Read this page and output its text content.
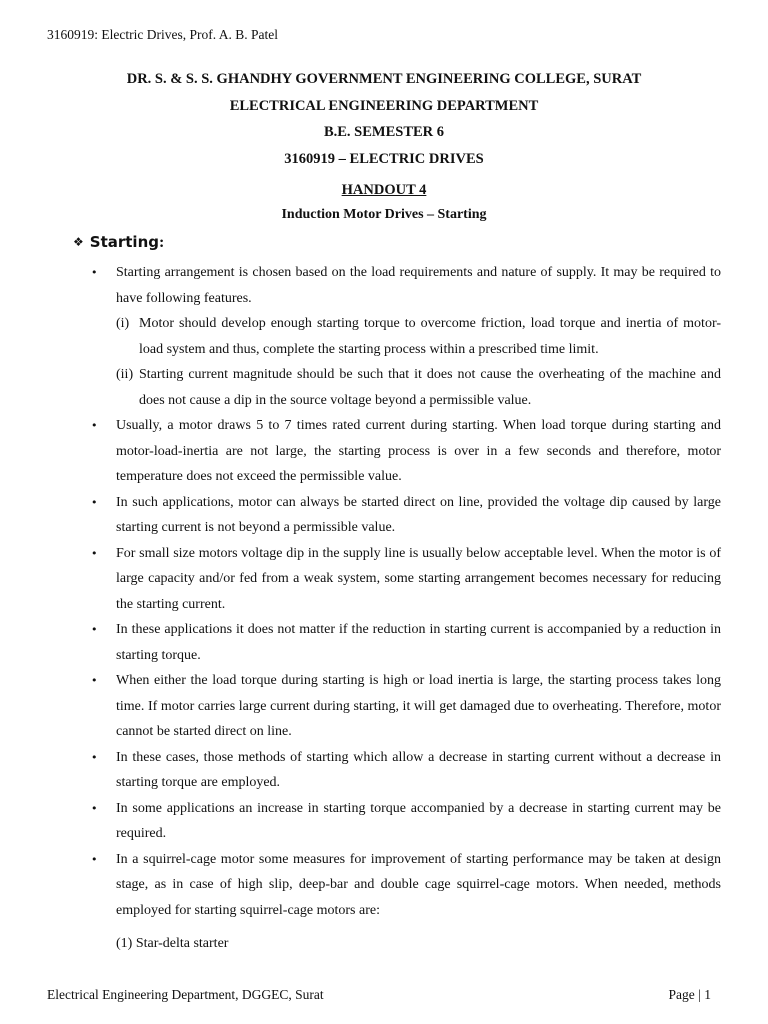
3160919: Electric Drives, Prof. A. B. Patel
DR. S. & S. S. GHANDHY GOVERNMENT ENGINEERING COLLEGE, SURAT
ELECTRICAL ENGINEERING DEPARTMENT
B.E. SEMESTER 6
3160919 – ELECTRIC DRIVES
HANDOUT 4
Induction Motor Drives – Starting
❖ Starting:
• Starting arrangement is chosen based on the load requirements and nature of supply. It may be required to have following features.
(i) Motor should develop enough starting torque to overcome friction, load torque and inertia of motor-load system and thus, complete the starting process within a prescribed time limit.
(ii) Starting current magnitude should be such that it does not cause the overheating of the machine and does not cause a dip in the source voltage beyond a permissible value.
• Usually, a motor draws 5 to 7 times rated current during starting. When load torque during starting and motor-load-inertia are not large, the starting process is over in a few seconds and therefore, motor temperature does not exceed the permissible value.
• In such applications, motor can always be started direct on line, provided the voltage dip caused by large starting current is not beyond a permissible value.
• For small size motors voltage dip in the supply line is usually below acceptable level. When the motor is of large capacity and/or fed from a weak system, some starting arrangement becomes necessary for reducing the starting current.
• In these applications it does not matter if the reduction in starting current is accompanied by a reduction in starting torque.
• When either the load torque during starting is high or load inertia is large, the starting process takes long time. If motor carries large current during starting, it will get damaged due to overheating. Therefore, motor cannot be started direct on line.
• In these cases, those methods of starting which allow a decrease in starting current without a decrease in starting torque are employed.
• In some applications an increase in starting torque accompanied by a decrease in starting current may be required.
• In a squirrel-cage motor some measures for improvement of starting performance may be taken at design stage, as in case of high slip, deep-bar and double cage squirrel-cage motors. When needed, methods employed for starting squirrel-cage motors are:
(1) Star-delta starter
Electrical Engineering Department, DGGEC, Surat	Page | 1
